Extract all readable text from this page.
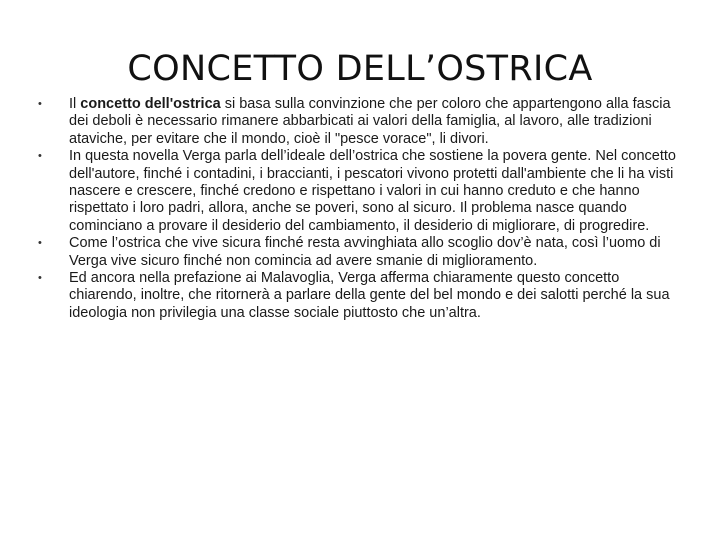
CONCETTO DELL’OSTRICA
•	Il concetto dell'ostrica si basa sulla convinzione che per coloro che appartengono alla fascia dei deboli è necessario rimanere abbarbicati ai valori della famiglia, al lavoro, alle tradizioni ataviche, per evitare che il mondo, cioè il "pesce vorace", li divori.
•	In questa novella Verga parla dell’ideale dell’ostrica che sostiene la povera gente. Nel concetto dell'autore, finché i contadini, i braccianti, i pescatori vivono protetti dall'ambiente che li ha visti nascere e crescere, finché credono e rispettano i valori in cui hanno creduto e che hanno rispettato i loro padri, allora, anche se poveri, sono al sicuro. Il problema nasce quando cominciano a provare il desiderio del cambiamento, il desiderio di migliorare, di progredire.
•	Come l’ostrica che vive sicura finché resta avvinghiata allo scoglio dov’è nata, così l’uomo di Verga vive sicuro finché non comincia ad avere smanie di miglioramento.
•	Ed ancora nella prefazione ai Malavoglia, Verga afferma chiaramente questo concetto chiarendo, inoltre, che ritornerà a parlare della gente del bel mondo e dei salotti perché la sua ideologia non privilegia una classe sociale piuttosto che un’altra.
